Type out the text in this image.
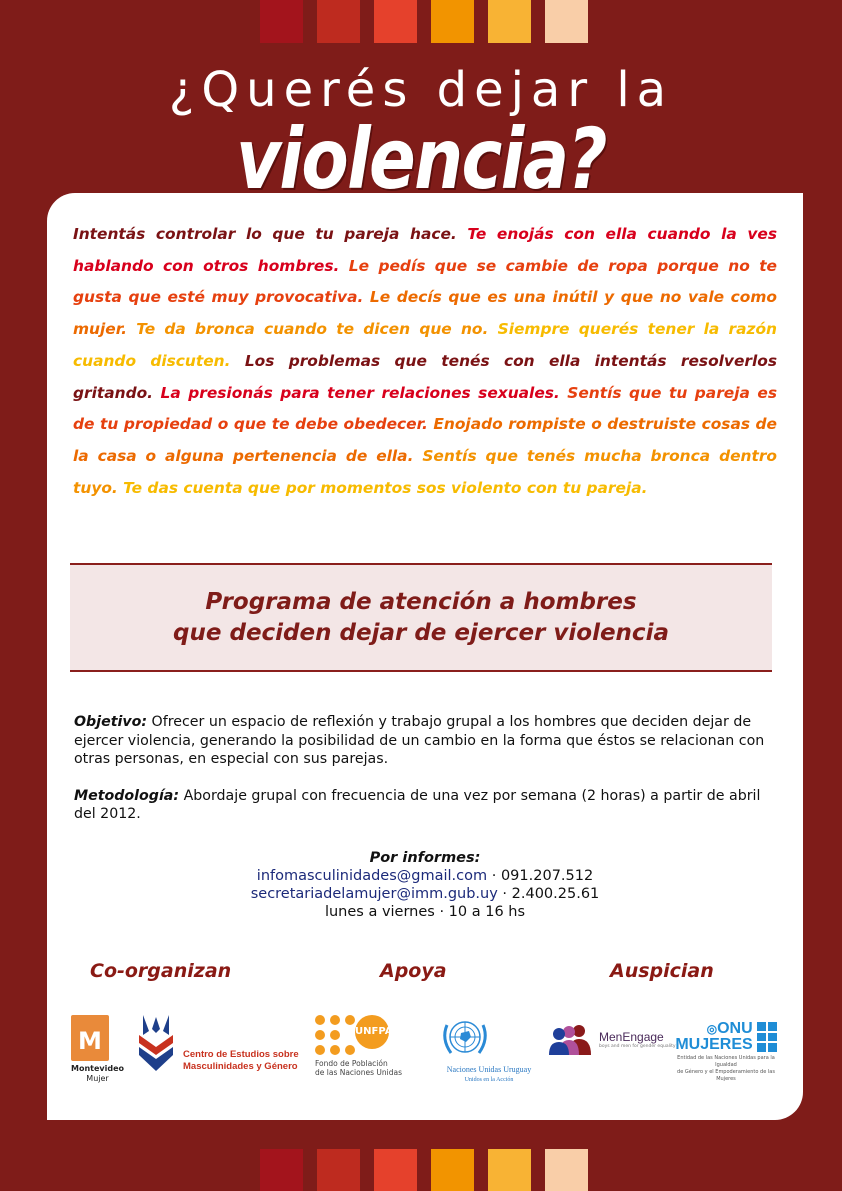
¿Querés dejar la
violencia?
Intentás controlar lo que tu pareja hace. Te enojás con ella cuando la ves hablando con otros hombres. Le pedís que se cambie de ropa porque no te gusta que esté muy provocativa. Le decís que es una inútil y que no vale como mujer. Te da bronca cuando te dicen que no. Siempre querés tener la razón cuando discuten. Los problemas que tenés con ella intentás resolverlos gritando. La presionás para tener relaciones sexuales. Sentís que tu pareja es de tu propiedad o que te debe obedecer. Enojado rompiste o destruiste cosas de la casa o alguna pertenencia de ella. Sentís que tenés mucha bronca dentro tuyo. Te das cuenta que por momentos sos violento con tu pareja.
Programa de atención a hombres
que deciden dejar de ejercer violencia

Objetivo: Ofrecer un espacio de reflexión y trabajo grupal a los hombres que deciden dejar de ejercer violencia, generando la posibilidad de un cambio en la forma que éstos se relacionan con otras personas, en especial con sus parejas.

Metodología: Abordaje grupal con frecuencia de una vez por semana (2 horas) a partir de abril del 2012.

Por informes:
infomasculinidades@gmail.com · 091.207.512
secretariadelamujer@imm.gub.uy · 2.400.25.61
lunes a viernes · 10 a 16 hs
Co-organizan	Apoya	Auspician
^ M
Montevideo
Mujer
Centro de Estudios sobre
Masculinidades y Género
UNFPA
Fondo de Población
de las Naciones Unidas	Naciones Unidas Uruguay
Unidos en la Acción
MenEngage
boys and men for gender equality
◎ONU
MUJERES
Entidad de las Naciones Unidas para la Igualdad
de Género y el Empoderamiento de las Mujeres
